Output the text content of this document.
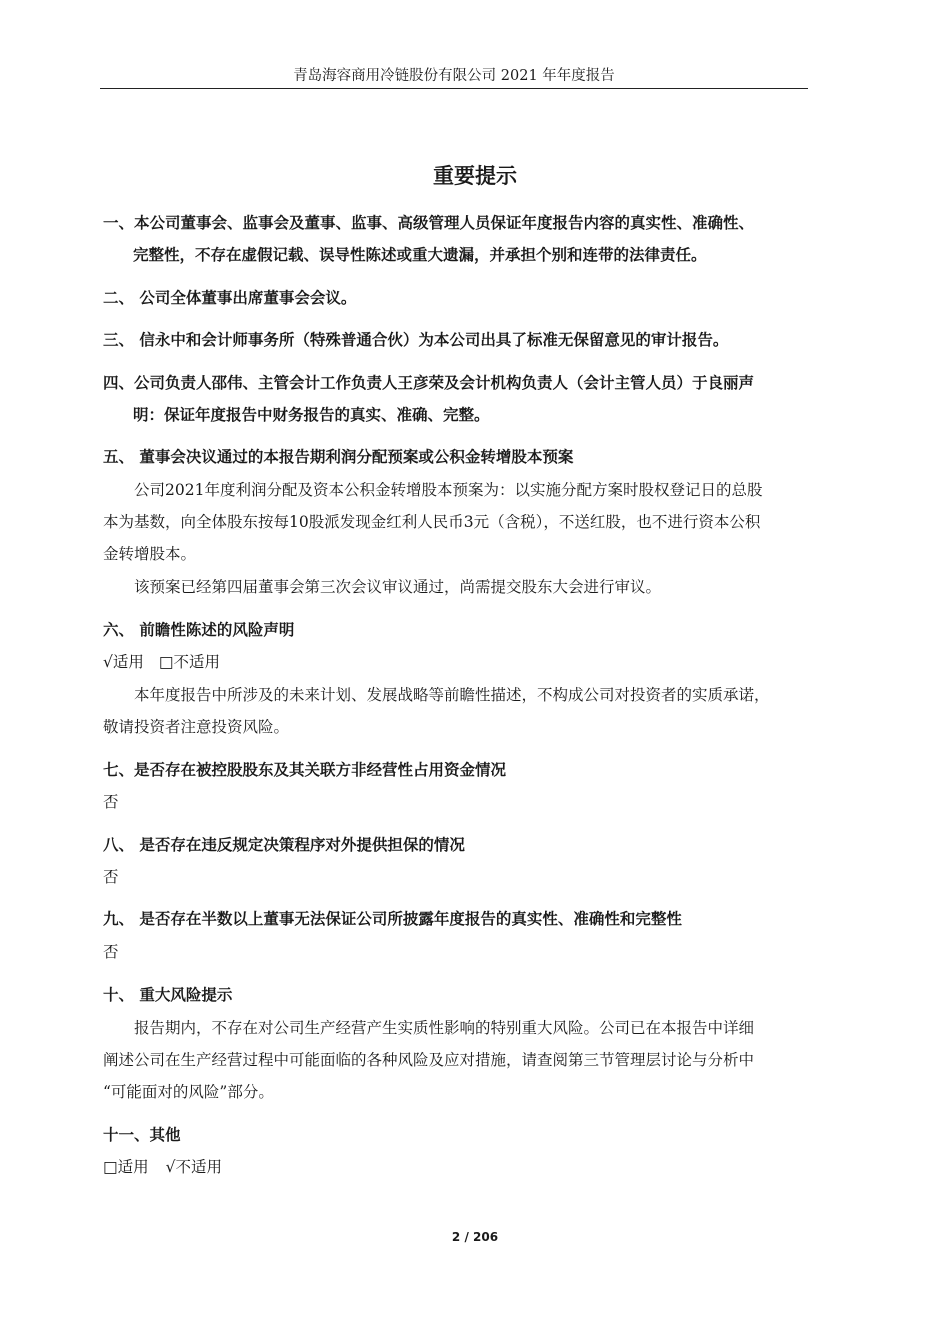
青岛海容商用冷链股份有限公司 2021 年年度报告
重要提示
一、本公司董事会、监事会及董事、监事、高级管理人员保证年度报告内容的真实性、准确性、
完整性，不存在虚假记载、误导性陈述或重大遗漏，并承担个别和连带的法律责任。
二、 公司全体董事出席董事会会议。
三、 信永中和会计师事务所（特殊普通合伙）为本公司出具了标准无保留意见的审计报告。
四、公司负责人邵伟、主管会计工作负责人王彦荣及会计机构负责人（会计主管人员）于良丽声
明：保证年度报告中财务报告的真实、准确、完整。
五、 董事会决议通过的本报告期利润分配预案或公积金转增股本预案
公司2021年度利润分配及资本公积金转增股本预案为：以实施分配方案时股权登记日的总股
本为基数，向全体股东按每10股派发现金红利人民币3元（含税），不送红股，也不进行资本公积
金转增股本。
该预案已经第四届董事会第三次会议审议通过，尚需提交股东大会进行审议。
六、 前瞻性陈述的风险声明
√适用 □不适用
本年度报告中所涉及的未来计划、发展战略等前瞻性描述，不构成公司对投资者的实质承诺，
敬请投资者注意投资风险。
七、是否存在被控股股东及其关联方非经营性占用资金情况
否
八、 是否存在违反规定决策程序对外提供担保的情况
否
九、 是否存在半数以上董事无法保证公司所披露年度报告的真实性、准确性和完整性
否
十、 重大风险提示
报告期内，不存在对公司生产经营产生实质性影响的特别重大风险。公司已在本报告中详细
阐述公司在生产经营过程中可能面临的各种风险及应对措施，请查阅第三节管理层讨论与分析中
“可能面对的风险”部分。
十一、其他
□适用 √不适用
2 / 206
